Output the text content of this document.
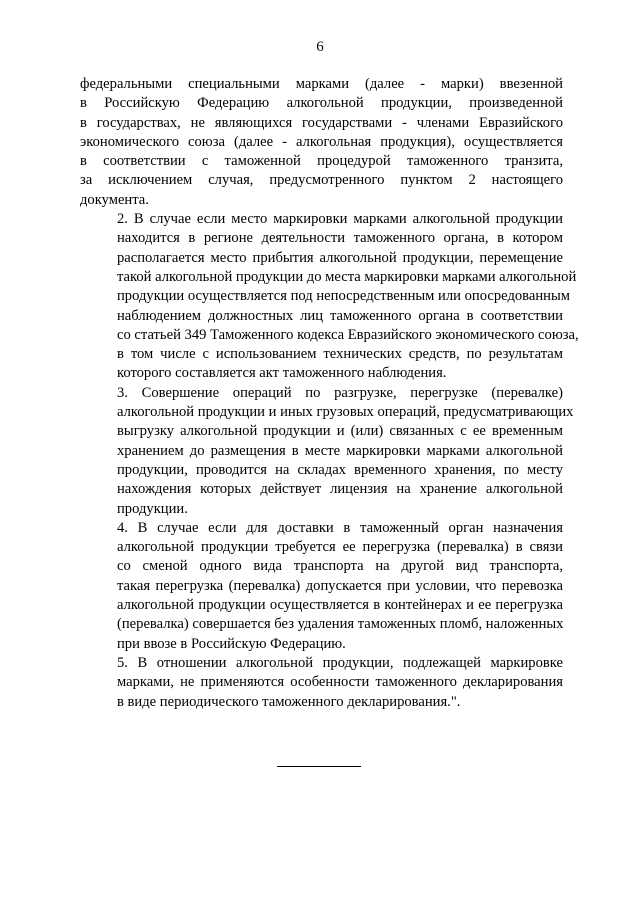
6

федеральными специальными марками (далее - марки) ввезенной
в Российскую Федерацию алкогольной продукции, произведенной
в государствах, не являющихся государствами - членами Евразийского
экономического союза (далее - алкогольная продукция), осуществляется
в соответствии с таможенной процедурой таможенного транзита,
за исключением случая, предусмотренного пунктом 2 настоящего
документа.

2. В случае если место маркировки марками алкогольной продукции
находится в регионе деятельности таможенного органа, в котором
располагается место прибытия алкогольной продукции, перемещение
такой алкогольной продукции до места маркировки марками алкогольной
продукции осуществляется под непосредственным или опосредованным
наблюдением должностных лиц таможенного органа в соответствии
со статьей 349 Таможенного кодекса Евразийского экономического союза,
в том числе с использованием технических средств, по результатам
которого составляется акт таможенного наблюдения.

3. Совершение операций по разгрузке, перегрузке (перевалке)
алкогольной продукции и иных грузовых операций, предусматривающих
выгрузку алкогольной продукции и (или) связанных с ее временным
хранением до размещения в месте маркировки марками алкогольной
продукции, проводится на складах временного хранения, по месту
нахождения которых действует лицензия на хранение алкогольной
продукции.

4. В случае если для доставки в таможенный орган назначения
алкогольной продукции требуется ее перегрузка (перевалка) в связи
со сменой одного вида транспорта на другой вид транспорта,
такая перегрузка (перевалка) допускается при условии, что перевозка
алкогольной продукции осуществляется в контейнерах и ее перегрузка
(перевалка) совершается без удаления таможенных пломб, наложенных
при ввозе в Российскую Федерацию.

5. В отношении алкогольной продукции, подлежащей маркировке
марками, не применяются особенности таможенного декларирования
в виде периодического таможенного декларирования.".
